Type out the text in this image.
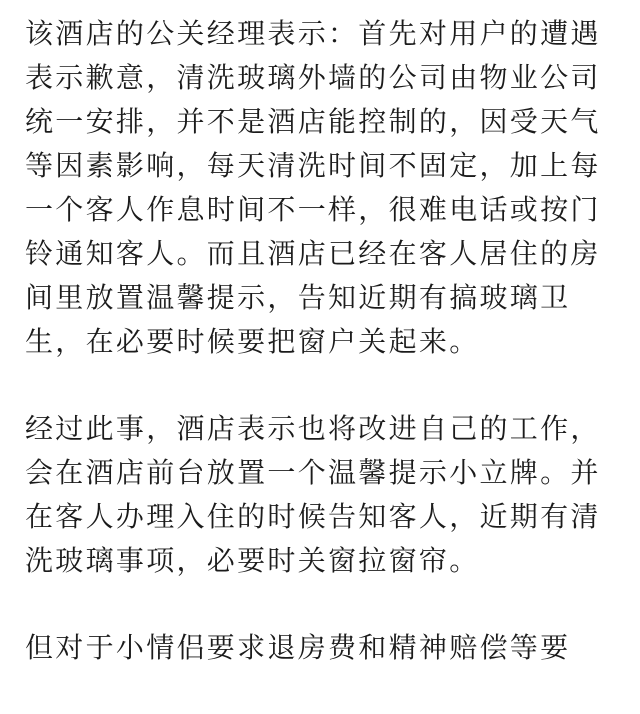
该酒店的公关经理表示：首先对用户的遭遇
表示歉意，清洗玻璃外墙的公司由物业公司
统一安排，并不是酒店能控制的，因受天气
等因素影响，每天清洗时间不固定，加上每
一个客人作息时间不一样，很难电话或按门
铃通知客人。而且酒店已经在客人居住的房
间里放置温馨提示，告知近期有搞玻璃卫
生，在必要时候要把窗户关起来。

经过此事，酒店表示也将改进自己的工作，
会在酒店前台放置一个温馨提示小立牌。并
在客人办理入住的时候告知客人，近期有清
洗玻璃事项，必要时关窗拉窗帘。

但对于小情侣要求退房费和精神赔偿等要
